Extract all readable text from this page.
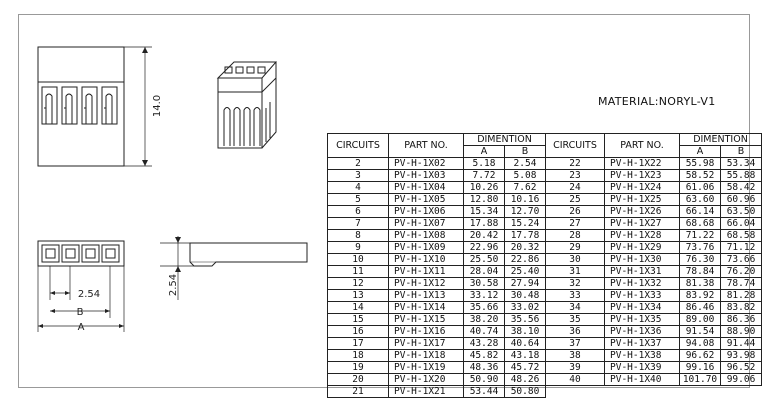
14.0
2.54
2.54
B
A
MATERIAL:NORYL-V1
CIRCUITS	PART NO.	DIMENTION		CIRCUITS	PART NO.	DIMENTION	
		A	B			A	B
2	PV-H-1X02	5.18	2.54	22	PV-H-1X22	55.98	53.34
3	PV-H-1X03	7.72	5.08	23	PV-H-1X23	58.52	55.88
4	PV-H-1X04	10.26	7.62	24	PV-H-1X24	61.06	58.42
5	PV-H-1X05	12.80	10.16	25	PV-H-1X25	63.60	60.96
6	PV-H-1X06	15.34	12.70	26	PV-H-1X26	66.14	63.50
7	PV-H-1X07	17.88	15.24	27	PV-H-1X27	68.68	66.04
8	PV-H-1X08	20.42	17.78	28	PV-H-1X28	71.22	68.58
9	PV-H-1X09	22.96	20.32	29	PV-H-1X29	73.76	71.12
10	PV-H-1X10	25.50	22.86	30	PV-H-1X30	76.30	73.66
11	PV-H-1X11	28.04	25.40	31	PV-H-1X31	78.84	76.20
12	PV-H-1X12	30.58	27.94	32	PV-H-1X32	81.38	78.74
13	PV-H-1X13	33.12	30.48	33	PV-H-1X33	83.92	81.28
14	PV-H-1X14	35.66	33.02	34	PV-H-1X34	86.46	83.82
15	PV-H-1X15	38.20	35.56	35	PV-H-1X35	89.00	86.36
16	PV-H-1X16	40.74	38.10	36	PV-H-1X36	91.54	88.90
17	PV-H-1X17	43.28	40.64	37	PV-H-1X37	94.08	91.44
18	PV-H-1X18	45.82	43.18	38	PV-H-1X38	96.62	93.98
19	PV-H-1X19	48.36	45.72	39	PV-H-1X39	99.16	96.52
20	PV-H-1X20	50.90	48.26	40	PV-H-1X40	101.70	99.06
21	PV-H-1X21	53.44	50.80				
